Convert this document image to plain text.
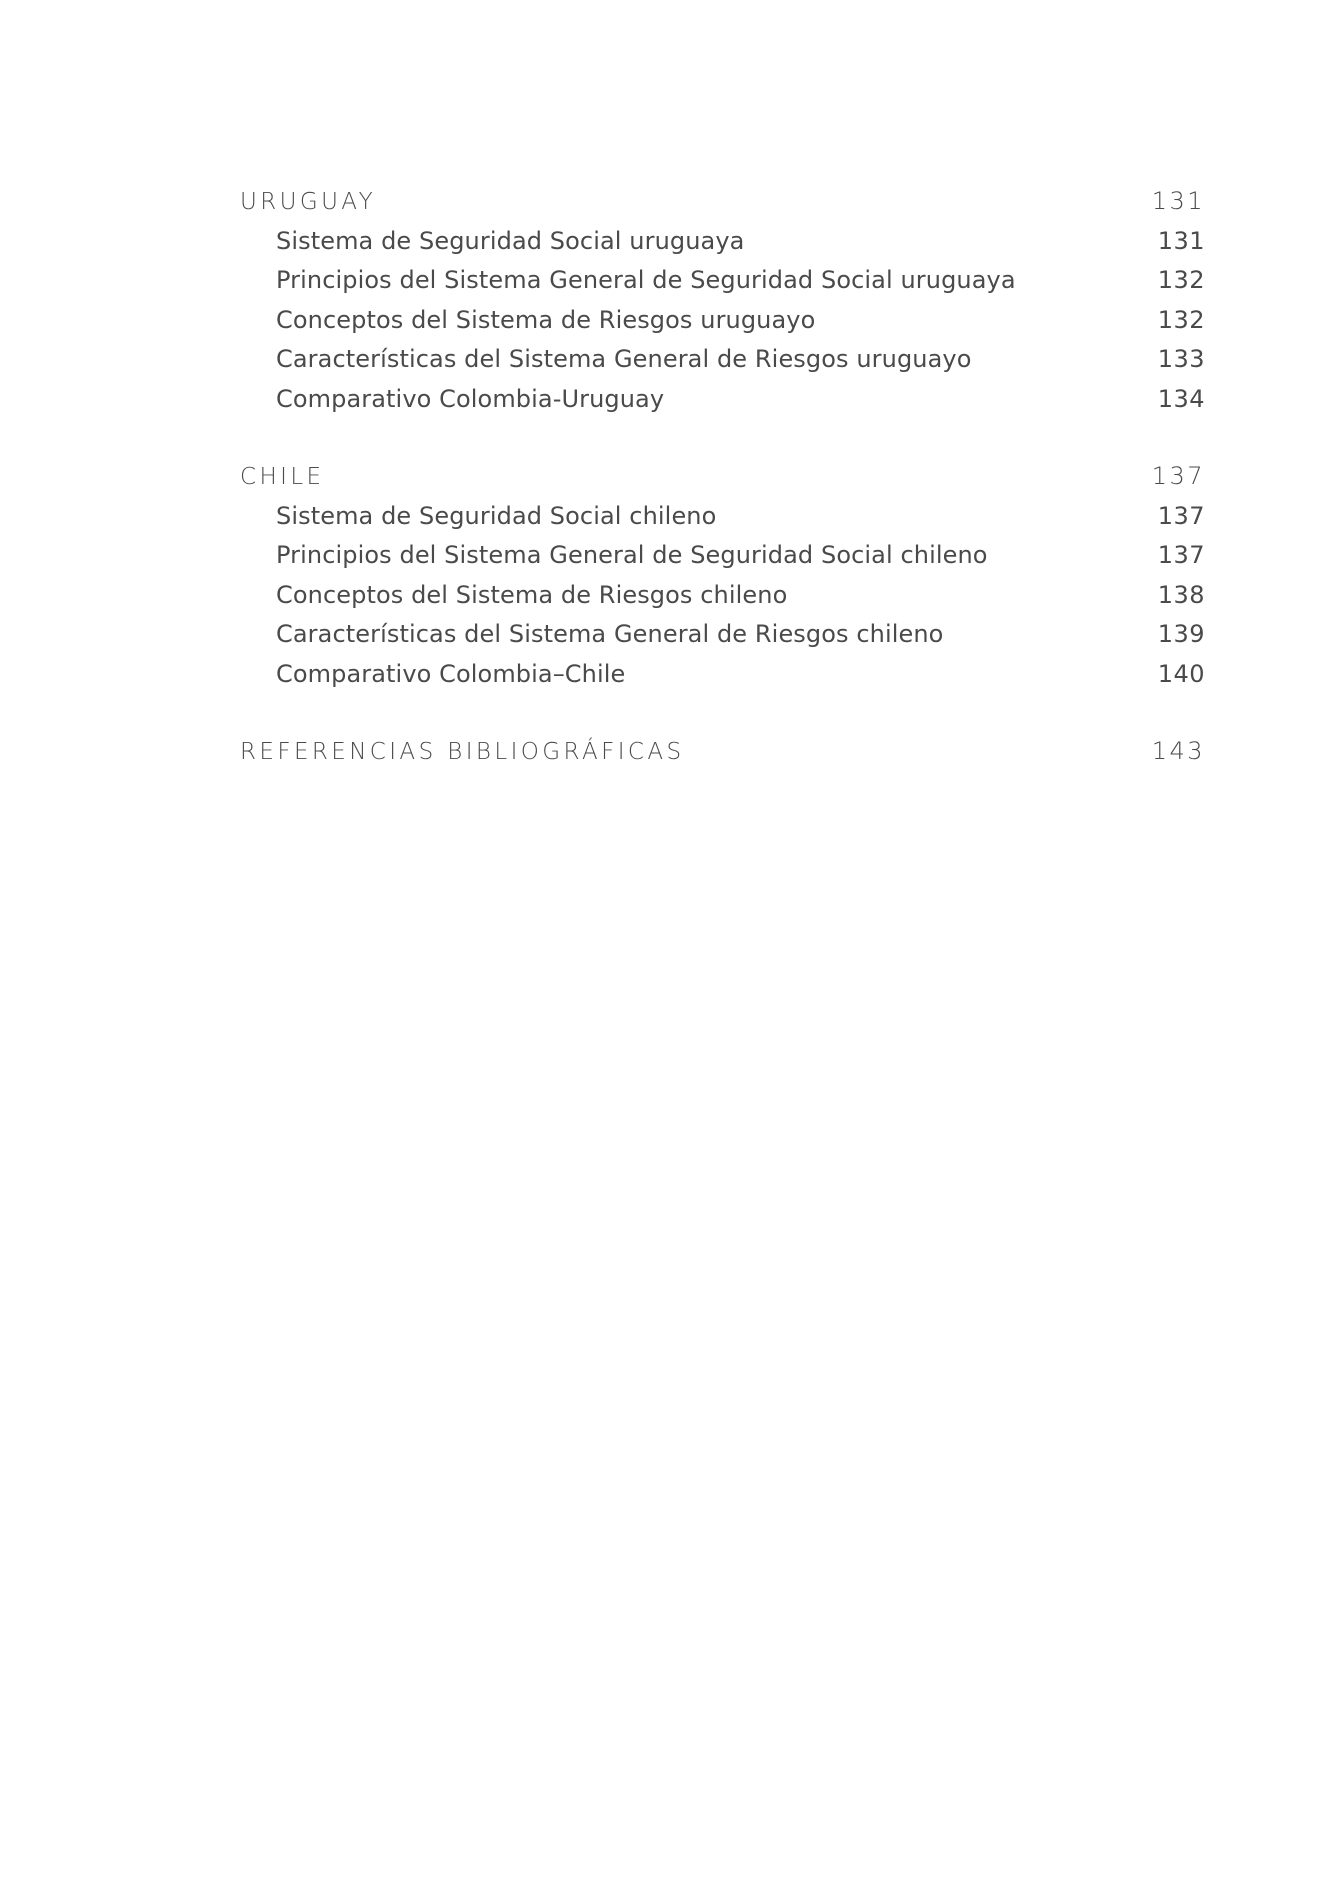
URUGUAY	131
Sistema de Seguridad Social uruguaya	131
Principios del Sistema General de Seguridad Social uruguaya	132
Conceptos del Sistema de Riesgos uruguayo	132
Características del Sistema General de Riesgos uruguayo	133
Comparativo Colombia-Uruguay	134
CHILE	137
Sistema de Seguridad Social chileno	137
Principios del Sistema General de Seguridad Social chileno	137
Conceptos del Sistema de Riesgos chileno	138
Características del Sistema General de Riesgos chileno	139
Comparativo Colombia–Chile	140
REFERENCIAS BIBLIOGRÁFICAS	143
